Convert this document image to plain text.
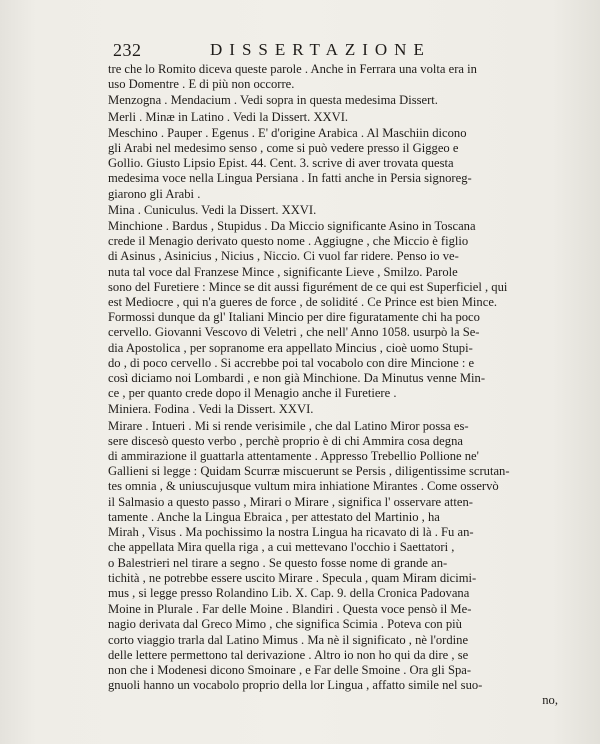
232	DISSERTAZIONE
tre che lo Romito diceva queste parole . Anche in Ferrara una volta era in
uso Domentre . E di più non occorre.
Menzogna . Mendacium . Vedi sopra in questa medesima Dissert.
Merli . Minæ in Latino . Vedi la Dissert. XXVI.
Meschino . Pauper . Egenus . E' d'origine Arabica . Al Maschiin dicono
gli Arabi nel medesimo senso , come si può vedere presso il Giggeo e
Gollio. Giusto Lipsio Epist. 44. Cent. 3. scrive di aver trovata questa
medesima voce nella Lingua Persiana . In fatti anche in Persia signoreg-
giarono gli Arabi .
Mina . Cuniculus. Vedi la Dissert. XXVI.
Minchione . Bardus , Stupidus . Da Miccio significante Asino in Toscana
crede il Menagio derivato questo nome . Aggiugne , che Miccio è figlio
di Asinus , Asinicius , Nicius , Niccio. Ci vuol far ridere. Penso io ve-
nuta tal voce dal Franzese Mince , significante Lieve , Smilzo. Parole
sono del Furetiere : Mince se dit aussi figurément de ce qui est Superficiel , qui
est Mediocre , qui n'a gueres de force , de solidité . Ce Prince est bien Mince.
Formossi dunque da gl' Italiani Mincio per dire figuratamente chi ha poco
cervello. Giovanni Vescovo di Veletri , che nell' Anno 1058. usurpò la Se-
dia Apostolica , per sopranome era appellato Mincius , cioè uomo Stupi-
do , di poco cervello . Si accrebbe poi tal vocabolo con dire Mincione : e
così diciamo noi Lombardi , e non già Minchione. Da Minutus venne Min-
ce , per quanto crede dopo il Menagio anche il Furetiere .
Miniera. Fodina . Vedi la Dissert. XXVI.
Mirare . Intueri . Mi si rende verisimile , che dal Latino Miror possa es-
sere discesò questo verbo , perchè proprio è di chi Ammira cosa degna
di ammirazione il guattarla attentamente . Appresso Trebellio Pollione ne'
Gallieni si legge : Quidam Scurræ miscuerunt se Persis , diligentissime scrutan-
tes omnia , & uniuscujusque vultum mira inhiatione Mirantes . Come osservò
il Salmasio a questo passo , Mirari o Mirare , significa l' osservare atten-
tamente . Anche la Lingua Ebraica , per attestato del Martinio , ha
Mirah , Visus . Ma pochissimo la nostra Lingua ha ricavato di là . Fu an-
che appellata Mira quella riga , a cui mettevano l'occhio i Saettatori ,
o Balestrieri nel tirare a segno . Se questo fosse nome di grande an-
tichità , ne potrebbe essere uscito Mirare . Specula , quam Miram dicimi-
mus , si legge presso Rolandino Lib. X. Cap. 9. della Cronica Padovana
Moine in Plurale . Far delle Moine . Blandiri . Questa voce pensò il Me-
nagio derivata dal Greco Mimo , che significa Scimia . Poteva con più
corto viaggio trarla dal Latino Mimus . Ma nè il significato , nè l'ordine
delle lettere permettono tal derivazione . Altro io non ho qui da dire , se
non che i Modenesi dicono Smoinare , e Far delle Smoine . Ora gli Spa-
gnuoli hanno un vocabolo proprio della lor Lingua , affatto simile nel suo-
no,
